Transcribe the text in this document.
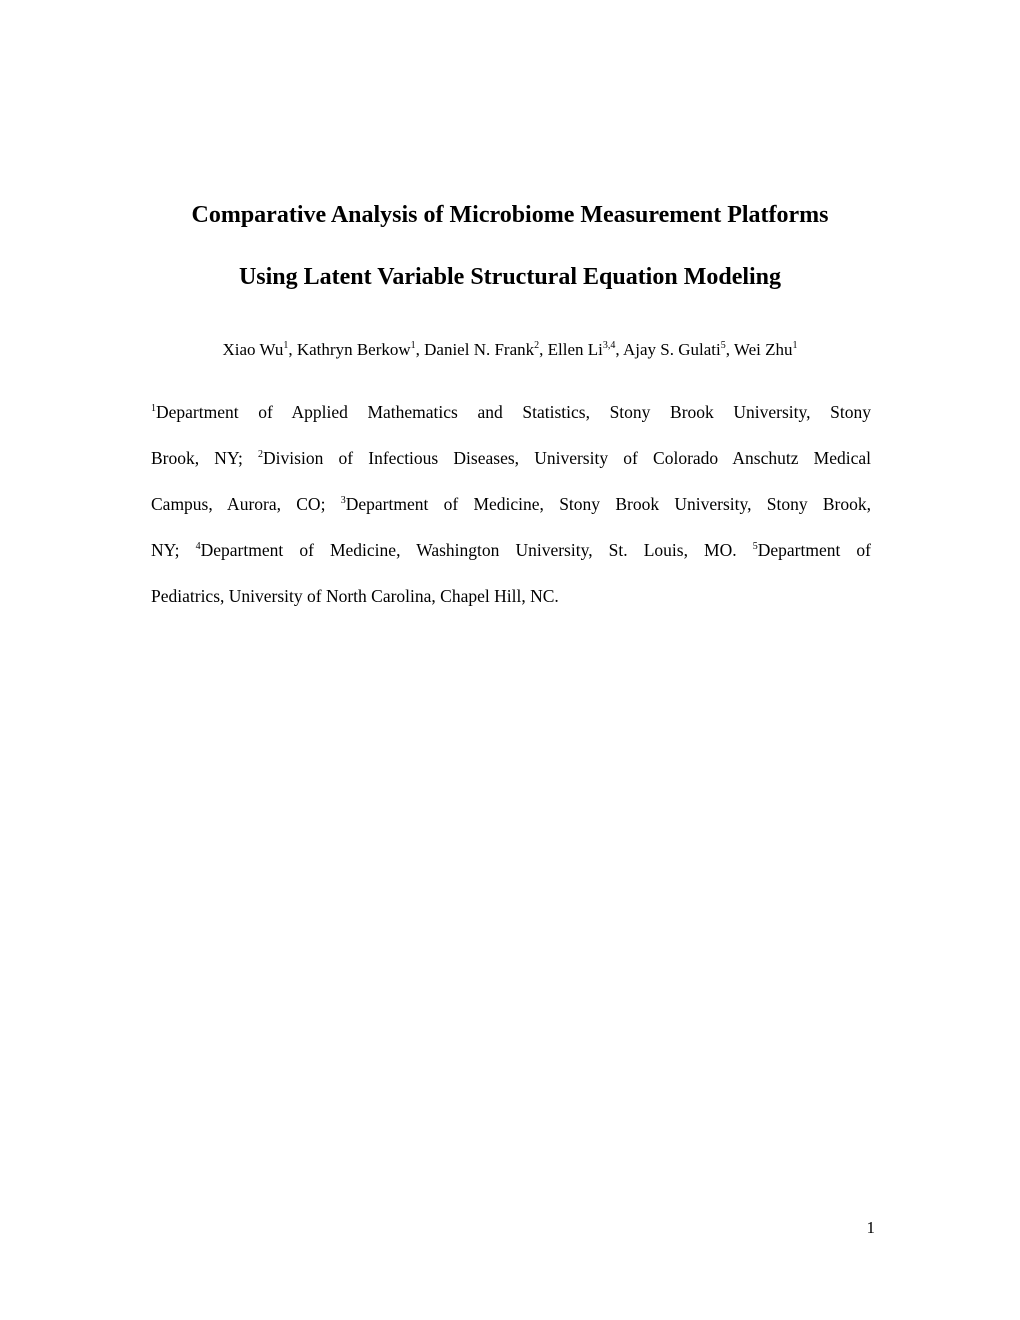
Comparative Analysis of Microbiome Measurement Platforms
Using Latent Variable Structural Equation Modeling
Xiao Wu$^1$, Kathryn Berkow$^1$, Daniel N. Frank$^2$, Ellen Li$^{3,4}$, Ajay S. Gulati$^5$, Wei Zhu$^1$
$^1$Department of Applied Mathematics and Statistics, Stony Brook University, Stony
Brook, NY; $^2$Division of Infectious Diseases, University of Colorado Anschutz Medical
Campus, Aurora, CO; $^3$Department of Medicine, Stony Brook University, Stony Brook,
NY; $^4$Department of Medicine, Washington University, St. Louis, MO. $^5$Department of
Pediatrics, University of North Carolina, Chapel Hill, NC.
1
